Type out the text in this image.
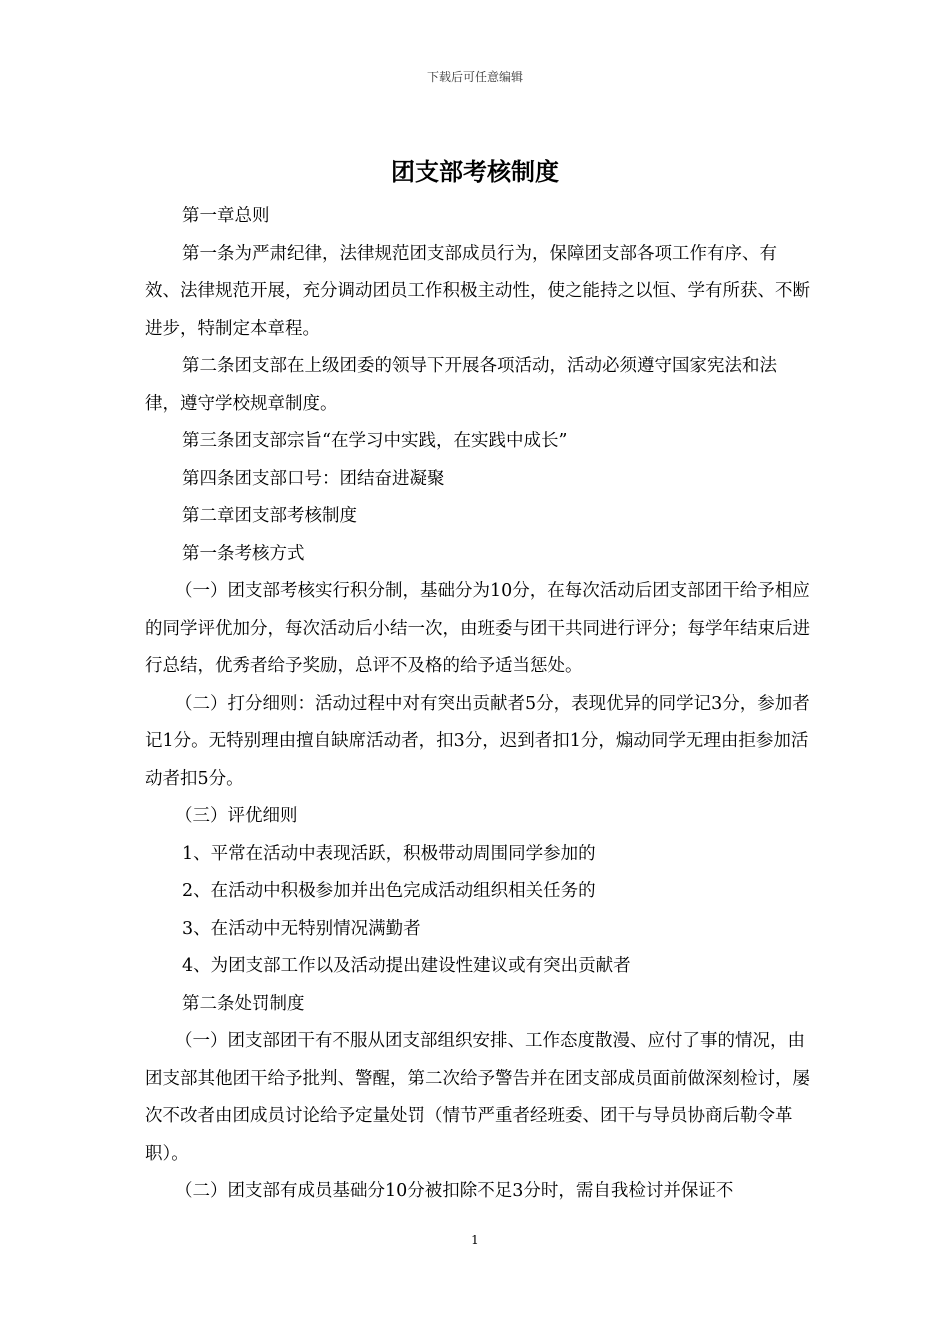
下载后可任意编辑
团支部考核制度

第一章总则

第一条为严肃纪律，法律规范团支部成员行为，保障团支部各项工作有序、有效、法律规范开展，充分调动团员工作积极主动性，使之能持之以恒、学有所获、不断进步，特制定本章程。

第二条团支部在上级团委的领导下开展各项活动，活动必须遵守国家宪法和法律，遵守学校规章制度。

第三条团支部宗旨“在学习中实践，在实践中成长”

第四条团支部口号：团结奋进凝聚

第二章团支部考核制度

第一条考核方式

（一）团支部考核实行积分制，基础分为10分，在每次活动后团支部团干给予相应的同学评优加分，每次活动后小结一次，由班委与团干共同进行评分；每学年结束后进行总结，优秀者给予奖励，总评不及格的给予适当惩处。

（二）打分细则：活动过程中对有突出贡献者5分，表现优异的同学记3分，参加者记1分。无特别理由擅自缺席活动者，扣3分，迟到者扣1分，煽动同学无理由拒参加活动者扣5分。

（三）评优细则

1、平常在活动中表现活跃，积极带动周围同学参加的

2、在活动中积极参加并出色完成活动组织相关任务的

3、在活动中无特别情况满勤者

4、为团支部工作以及活动提出建设性建议或有突出贡献者

第二条处罚制度

（一）团支部团干有不服从团支部组织安排、工作态度散漫、应付了事的情况，由团支部其他团干给予批判、警醒，第二次给予警告并在团支部成员面前做深刻检讨，屡次不改者由团成员讨论给予定量处罚（情节严重者经班委、团干与导员协商后勒令革职）。

（二）团支部有成员基础分10分被扣除不足3分时，需自我检讨并保证不

1
